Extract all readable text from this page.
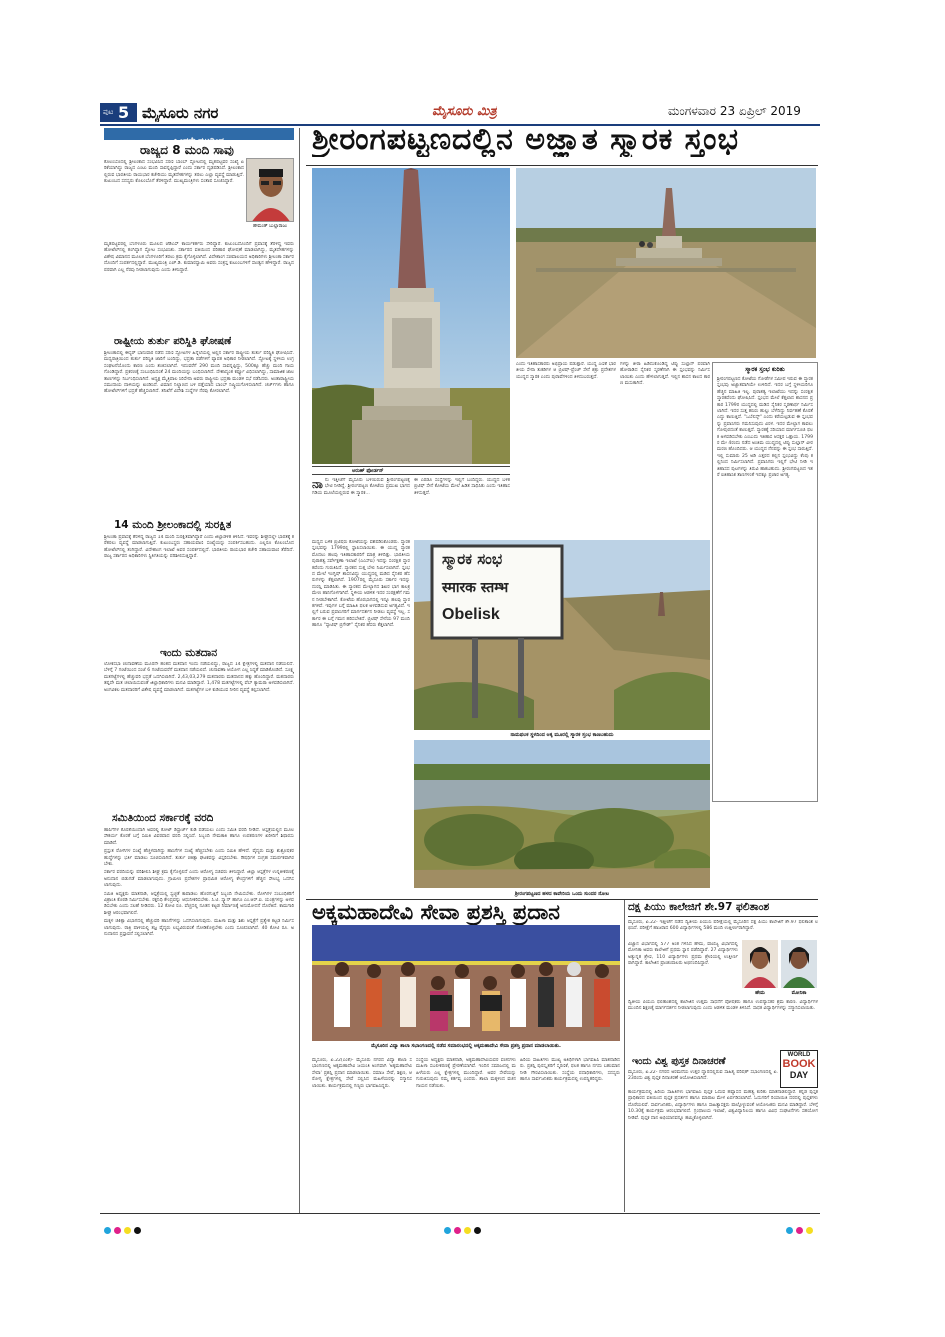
ಪುಟ 5 ಮೈಸೂರು ನಗರ	ಮೈಸೂರು ಮಿತ್ರ	ಮಂಗಳವಾರ 23 ಏಪ್ರಿಲ್ 2019
ಒಂದನೇ ಪುಟದಿಂದ
ರಾಜ್ಯದ 8 ಮಂದಿ ಸಾವು
ಕೊಲಂಬೊದಲ್ಲಿ ಶ್ರೀಲಂಕಾದ ಸಂಭವಿಸಿದ ಸರಣಿ ಬಾಂಬ್ ಸ್ಫೋಟದಲ್ಲಿ ಮೃತಪಟ್ಟವರ ಸಂಖ್ಯೆ ಏರಿಕೆಯಾಗಿದ್ದು ರಾಜ್ಯದ ಎಂಟು ಮಂದಿ ಸಾವನ್ನಪ್ಪಿದ್ದಾರೆ ಎಂದು ಸರ್ಕಾರ ದೃಢಪಡಿಸಿದೆ. ಶ್ರೀಲಂಕಾದಲ್ಲಿರುವ ಭಾರತೀಯ ರಾಯಭಾರ ಕಚೇರಿಯು ಮೃತದೇಹಗಳನ್ನು ತರಲು ಎಲ್ಲಾ ವ್ಯವಸ್ಥೆ ಮಾಡುತ್ತಿದೆ. ಕುಟುಂಬದ ಸದಸ್ಯರು ಕೊಲಂಬೊಗೆ ತೆರಳಿದ್ದಾರೆ. ಮುಖ್ಯಮಂತ್ರಿಗಳು ಸಂತಾಪ ಸೂಚಿಸಿದ್ದಾರೆ.
ಹೇಮಂತ್ ಬುಲ್ಲಾರಾಜು
ಮೃತಪಟ್ಟವರಲ್ಲಿ ಬೆಂಗಳೂರು ಮೂಲದ ಜೆಡಿಎಸ್ ಕಾರ್ಯಕರ್ತರು ಸೇರಿದ್ದಾರೆ. ಕುಟುಂಬದೊಂದಿಗೆ ಪ್ರವಾಸಕ್ಕೆ ತೆರಳಿದ್ದ ಇವರು ಹೋಟೆಲ್‌ನಲ್ಲಿ ತಂಗಿದ್ದಾಗ ಸ್ಫೋಟ ಸಂಭವಿಸಿತು. ಸರ್ಕಾರದ ವತಿಯಿಂದ ಪರಿಹಾರ ಘೋಷಣೆ ಮಾಡಲಾಗಿದ್ದು, ಮೃತದೇಹಗಳನ್ನು ವಿಶೇಷ ವಿಮಾನದ ಮೂಲಕ ಬೆಂಗಳೂರಿಗೆ ತರಲು ಕ್ರಮ ಕೈಗೊಳ್ಳಲಾಗಿದೆ. ವಿದೇಶಾಂಗ ಸಚಿವಾಲಯದ ಅಧಿಕಾರಿಗಳು ಶ್ರೀಲಂಕಾ ಸರ್ಕಾರದೊಂದಿಗೆ ಸಂಪರ್ಕದಲ್ಲಿದ್ದಾರೆ. ಮುಖ್ಯಮಂತ್ರಿ ಎಚ್.ಡಿ. ಕುಮಾರಸ್ವಾಮಿ ಅವರು ಸಂತ್ರಸ್ತ ಕುಟುಂಬಗಳಿಗೆ ಸಾಂತ್ವನ ಹೇಳಿದ್ದಾರೆ. ರಾಜ್ಯದ ಪರವಾಗಿ ಎಲ್ಲ ನೆರವು ನೀಡಲಾಗುವುದು ಎಂದು ತಿಳಿಸಿದ್ದಾರೆ.
ರಾಷ್ಟ್ರೀಯ ತುರ್ತು ಪರಿಸ್ಥಿತಿ ಘೋಷಣೆ
ಶ್ರೀಲಂಕಾದಲ್ಲಿ ಈಸ್ಟರ್ ಭಾನುವಾರ ನಡೆದ ಸರಣಿ ಸ್ಫೋಟಗಳ ಹಿನ್ನೆಲೆಯಲ್ಲಿ ಅಲ್ಲಿನ ಸರ್ಕಾರ ರಾಷ್ಟ್ರೀಯ ತುರ್ತು ಪರಿಸ್ಥಿತಿ ಘೋಷಿಸಿದೆ. ಮಧ್ಯರಾತ್ರಿಯಿಂದ ತುರ್ತು ಪರಿಸ್ಥಿತಿ ಜಾರಿಗೆ ಬಂದಿದ್ದು, ಭದ್ರತಾ ಪಡೆಗಳಿಗೆ ವ್ಯಾಪಕ ಅಧಿಕಾರ ನೀಡಲಾಗಿದೆ. ಸ್ಫೋಟಕ್ಕೆ ಸ್ಥಳೀಯ ಉಗ್ರ ಸಂಘಟನೆಯೊಂದು ಕಾರಣ ಎಂದು ಶಂಕಿಸಲಾಗಿದೆ. ಇದುವರೆಗೆ 290 ಮಂದಿ ಸಾವನ್ನಪ್ಪಿದ್ದು, 500ಕ್ಕೂ ಹೆಚ್ಚು ಮಂದಿ ಗಾಯಗೊಂಡಿದ್ದಾರೆ. ಪ್ರಕರಣಕ್ಕೆ ಸಂಬಂಧಿಸಿದಂತೆ 24 ಮಂದಿಯನ್ನು ಬಂಧಿಸಲಾಗಿದೆ. ದೇಶಾದ್ಯಂತ ಕರ್ಫ್ಯೂ ವಿಧಿಸಲಾಗಿದ್ದು, ಸಾಮಾಜಿಕ ಜಾಲತಾಣಗಳನ್ನು ನಿರ್ಬಂಧಿಸಲಾಗಿದೆ. ಅಧ್ಯಕ್ಷ ಮೈತ್ರಿಪಾಲ ಸಿರಿಸೇನಾ ಅವರು ರಾಷ್ಟ್ರೀಯ ಭದ್ರತಾ ಮಂಡಳಿ ಸಭೆ ನಡೆಸಿದರು. ಅಂತಾರಾಷ್ಟ್ರೀಯ ಸಮುದಾಯ ದಾಳಿಯನ್ನು ಖಂಡಿಸಿದೆ. ವಿಮಾನ ನಿಲ್ದಾಣದ ಬಳಿ ಪತ್ತೆಯಾದ ಬಾಂಬ್ ನಿಷ್ಕ್ರಿಯಗೊಳಿಸಲಾಗಿದೆ. ಚರ್ಚ್‌ಗಳು ಹಾಗೂ ಹೋಟೆಲ್‌ಗಳಿಗೆ ಭದ್ರತೆ ಹೆಚ್ಚಿಸಲಾಗಿದೆ. ತನಿಖೆಗೆ ವಿದೇಶಿ ಸಂಸ್ಥೆಗಳ ನೆರವು ಕೋರಲಾಗಿದೆ.
14 ಮಂದಿ ಶ್ರೀಲಂಕಾದಲ್ಲಿ ಸುರಕ್ಷಿತ
ಶ್ರೀಲಂಕಾ ಪ್ರವಾಸಕ್ಕೆ ತೆರಳಿದ್ದ ರಾಜ್ಯದ 14 ಮಂದಿ ಸುರಕ್ಷಿತವಾಗಿದ್ದಾರೆ ಎಂದು ಜಿಲ್ಲಾಡಳಿತ ತಿಳಿಸಿದೆ. ಇವರನ್ನು ಶೀಘ್ರದಲ್ಲೇ ಭಾರತಕ್ಕೆ ಕರೆತರಲು ವ್ಯವಸ್ಥೆ ಮಾಡಲಾಗುತ್ತಿದೆ. ಕುಟುಂಬಸ್ಥರು ಸಹಾಯವಾಣಿ ಸಂಖ್ಯೆಯನ್ನು ಸಂಪರ್ಕಿಸಬಹುದು. ಎಲ್ಲರೂ ಕೊಲಂಬೊದ ಹೋಟೆಲ್‌ನಲ್ಲಿ ತಂಗಿದ್ದಾರೆ. ವಿದೇಶಾಂಗ ಇಲಾಖೆ ಅವರ ಸಂಪರ್ಕದಲ್ಲಿದೆ. ಭಾರತೀಯ ರಾಯಭಾರ ಕಚೇರಿ ಸಹಾಯವಾಣಿ ತೆರೆದಿದೆ. ರಾಜ್ಯ ಸರ್ಕಾರದ ಅಧಿಕಾರಿಗಳು ಸ್ಥಿತಿಗತಿಯನ್ನು ಪರಿಶೀಲಿಸುತ್ತಿದ್ದಾರೆ.
ಇಂದು ಮತದಾನ
ಲೋಕಸಭಾ ಚುನಾವಣೆಯ ಮೂರನೇ ಹಂತದ ಮತದಾನ ಇಂದು ನಡೆಯಲಿದ್ದು, ರಾಜ್ಯದ 14 ಕ್ಷೇತ್ರಗಳಲ್ಲಿ ಮತದಾನ ನಡೆಯಲಿದೆ. ಬೆಳಿಗ್ಗೆ 7 ಗಂಟೆಯಿಂದ ಸಂಜೆ 6 ಗಂಟೆಯವರೆಗೆ ಮತದಾನ ನಡೆಯಲಿದೆ. ಚುನಾವಣಾ ಆಯೋಗ ಎಲ್ಲ ಸಿದ್ಧತೆ ಮಾಡಿಕೊಂಡಿದೆ. ಸೂಕ್ಷ್ಮ ಮತಗಟ್ಟೆಗಳಲ್ಲಿ ಹೆಚ್ಚುವರಿ ಭದ್ರತೆ ಒದಗಿಸಲಾಗಿದೆ. 2,43,03,279 ಮತದಾರರು ಮತದಾನದ ಹಕ್ಕು ಹೊಂದಿದ್ದಾರೆ. ಮತದಾರರು ತಪ್ಪದೇ ಮತ ಚಲಾಯಿಸುವಂತೆ ಜಿಲ್ಲಾಧಿಕಾರಿಗಳು ಮನವಿ ಮಾಡಿದ್ದಾರೆ. 1,478 ಮತಗಟ್ಟೆಗಳಲ್ಲಿ ವೆಬ್ ಕ್ಯಾಮರಾ ಅಳವಡಿಸಲಾಗಿದೆ. ಅಂಗವಿಕಲ ಮತದಾರರಿಗೆ ವಿಶೇಷ ವ್ಯವಸ್ಥೆ ಮಾಡಲಾಗಿದೆ. ಮತಗಟ್ಟೆಗಳ ಬಳಿ ಕುಡಿಯುವ ನೀರಿನ ವ್ಯವಸ್ಥೆ ಕಲ್ಪಿಸಲಾಗಿದೆ.
ಸಮಿತಿಯಿಂದ ಸರ್ಕಾರಕ್ಕೆ ವರದಿ

ಹಾಸಿಗೆಗಳ ಕೊರತೆಯಿಂದಾಗಿ ಅವರಲ್ಲಿ ಕೋಟ್ ಡಿಸ್ಚಾರ್ಜ್ ಕುಡಿ ಪಡೆಯಲು ಎಂದು ಸಮಿತಿ ವರದಿ ನೀಡಿದೆ. ಆಸ್ಪತ್ರೆಯಲ್ಲಿನ ಮೂಲಸೌಕರ್ಯ ಕೊರತೆ ಬಗ್ಗೆ ಸಮಿತಿ ವಿವರವಾದ ವರದಿ ಸಲ್ಲಿಸಿದೆ. ಸಿಬ್ಬಂದಿ ನೇಮಕಾತಿ ಹಾಗೂ ಉಪಕರಣಗಳ ಖರೀದಿಗೆ ಶಿಫಾರಸು ಮಾಡಿದೆ.

ಪ್ರಸ್ತುತ ರೋಗಿಗಳ ಸಂಖ್ಯೆ ಹೆಚ್ಚಳವಾಗಿದ್ದು ಹಾಸಿಗೆಗಳ ಸಂಖ್ಯೆ ಹೆಚ್ಚಿಸಬೇಕು ಎಂದು ಸಮಿತಿ ಹೇಳಿದೆ. ವೈದ್ಯರು ಮತ್ತು ಶುಶ್ರೂಷಕರ ಹುದ್ದೆಗಳನ್ನು ಭರ್ತಿ ಮಾಡಲು ಸೂಚಿಸಲಾಗಿದೆ. ತುರ್ತು ಚಿಕಿತ್ಸಾ ಘಟಕವನ್ನು ವಿಸ್ತರಿಸಬೇಕು. ಔಷಧಿಗಳ ಸಂಗ್ರಹ ಸಮರ್ಪಕವಾಗಿರಬೇಕು.

ಸರ್ಕಾರ ವರದಿಯನ್ನು ಪರಿಶೀಲಿಸಿ ಶೀಘ್ರ ಕ್ರಮ ಕೈಗೊಳ್ಳಲಿದೆ ಎಂದು ಆರೋಗ್ಯ ಸಚಿವರು ತಿಳಿಸಿದ್ದಾರೆ. ಜಿಲ್ಲಾ ಆಸ್ಪತ್ರೆಗಳ ಉನ್ನತೀಕರಣಕ್ಕೆ ಅನುದಾನ ಬಿಡುಗಡೆ ಮಾಡಲಾಗುವುದು. ಗ್ರಾಮೀಣ ಪ್ರದೇಶಗಳ ಪ್ರಾಥಮಿಕ ಆರೋಗ್ಯ ಕೇಂದ್ರಗಳಿಗೆ ಹೆಚ್ಚಿನ ಸೌಲಭ್ಯ ಒದಗಿಸಲಾಗುವುದು.

ಸಮಿತಿ ಅಧ್ಯಕ್ಷರು ಮಾತನಾಡಿ, ಆಸ್ಪತ್ರೆಯಲ್ಲಿ ಸ್ವಚ್ಛತೆ ಕಾಪಾಡಲು ಹೊರಗುತ್ತಿಗೆ ಸಿಬ್ಬಂದಿ ನೇಮಿಸಬೇಕು. ರೋಗಿಗಳ ಸಂಬಂಧಿಕರಿಗೆ ವಿಶ್ರಾಂತಿ ಕೊಠಡಿ ನಿರ್ಮಿಸಬೇಕು. ರಕ್ತನಿಧಿ ಕೇಂದ್ರವನ್ನು ಆಧುನೀಕರಿಸಬೇಕು. ಸಿ.ಟಿ. ಸ್ಕ್ಯಾನ್ ಹಾಗೂ ಎಂ.ಆರ್.ಐ. ಯಂತ್ರಗಳನ್ನು ಅಳವಡಿಸಬೇಕು ಎಂದು ಸಲಹೆ ನೀಡಿದರು. 12 ಕೋಟಿ ರೂ. ವೆಚ್ಚದಲ್ಲಿ ನೂತನ ಕಟ್ಟಡ ನಿರ್ಮಾಣಕ್ಕೆ ಅನುಮೋದನೆ ದೊರೆತಿದೆ. ಕಾಮಗಾರಿ ಶೀಘ್ರ ಆರಂಭವಾಗಲಿದೆ.

ಮಕ್ಕಳ ಚಿಕಿತ್ಸಾ ವಿಭಾಗದಲ್ಲಿ ಹೆಚ್ಚುವರಿ ಹಾಸಿಗೆಗಳನ್ನು ಒದಗಿಸಲಾಗುವುದು. ಮಹಿಳಾ ಮತ್ತು ಶಿಶು ಆಸ್ಪತ್ರೆಗೆ ಪ್ರತ್ಯೇಕ ಕಟ್ಟಡ ನಿರ್ಮಿಸಲಾಗುವುದು. ರಾತ್ರಿ ಪಾಳಿಯಲ್ಲಿ ತಜ್ಞ ವೈದ್ಯರು ಲಭ್ಯವಿರುವಂತೆ ನೋಡಿಕೊಳ್ಳಬೇಕು ಎಂದು ಸೂಚಿಸಲಾಗಿದೆ. 40 ಕೋಟಿ ರೂ. ಅನುದಾನದ ಪ್ರಸ್ತಾವನೆ ಸಲ್ಲಿಸಲಾಗಿದೆ.

ಶ್ರೀರಂಗಪಟ್ಟಣದಲ್ಲಿನ ಅಜ್ಞಾತ ಸ್ಮಾರಕ ಸ್ತಂಭ
ಎಂದು ಇತಿಹಾಸಕಾರರು ಅಭಿಪ್ರಾಯ ಪಡುತ್ತಾರೆ. ಯುದ್ಧ ಎಣಿಕೆ ಭಾರತೀಯ ಸೇನಾ ತುಕಡಿಗಳ ಆ ಬ್ರಿಟಿಷ್-ಫ್ರೆಂಚ್ ಸೇನೆ ಶತ್ರು ಪ್ರದೇಶಗಳ ಯುದ್ಧದ ಸ್ಮಾರಕ ಎಂದು ಪುರಾವೆಗಳಿಂದ ತಿಳಿದುಬರುತ್ತದೆ.
ಗಳನ್ನು ತೀರಾ ಹಿಡಿದುಕೊಂಡಿದ್ದ ಟಿಪ್ಪು ಸುಲ್ತಾನ್ ಪರವಾಗಿ ಹೋರಾಡಿದ ಸೈನಿಕರ ಸ್ಮರಣೆಗಾಗಿ ಈ ಸ್ತಂಭವನ್ನು ನಿರ್ಮಿಸಲಾಯಿತು ಎಂದು ಹೇಳಲಾಗುತ್ತದೆ. ಇಲ್ಲಿನ ಶಾಸನ ಕಾಲದ ಕಾರಣ ಮಸುಕಾಗಿದೆ.
ಸ್ಮಾರಕ ಸ್ತಂಭ ಕುರಿತು
ಶ್ರೀರಂಗಪಟ್ಟಣದ ಕೋಟೆಯ ಗೋಡೆಗಳ ಸಮೀಪ ಇರುವ ಈ ಸ್ಮಾರಕ ಸ್ತಂಭವು ಅಜ್ಞಾತವಾಗಿಯೇ ಉಳಿದಿದೆ. ಇದರ ಬಗ್ಗೆ ಸ್ಥಳೀಯರಿಗೂ ಹೆಚ್ಚಿನ ಮಾಹಿತಿ ಇಲ್ಲ. ಪುರಾತತ್ವ ಇಲಾಖೆಯು ಇದನ್ನು ಸಂರಕ್ಷಿತ ಸ್ಮಾರಕವೆಂದು ಘೋಷಿಸಿದೆ. ಸ್ತಂಭದ ಮೇಲೆ ಕೆತ್ತಲಾದ ಶಾಸನದ ಪ್ರಕಾರ 1799ರ ಯುದ್ಧದಲ್ಲಿ ಮಡಿದ ಸೈನಿಕರ ಸ್ಮರಣಾರ್ಥ ನಿರ್ಮಿಸಲಾಗಿದೆ. ಇದರ ಸುತ್ತ ಹಸಿರು ಹುಲ್ಲು ಬೆಳೆದಿದ್ದು ನಿರ್ವಹಣೆ ಕೊರತೆ ಎದ್ದು ಕಾಣುತ್ತಿದೆ. "ಒಬೆಲಿಸ್ಕ್" ಎಂದು ಕರೆಯಲ್ಪಡುವ ಈ ಸ್ತಂಭವನ್ನು ಪ್ರವಾಸಿಗರು ಗಮನಿಸುವುದು ವಿರಳ. ಇದರ ಮೇಲ್ಭಾಗ ಕಾವಲು ಗೋಪುರದಂತೆ ಕಾಣುತ್ತದೆ. ಸ್ಮಾರಕಕ್ಕೆ ಸರಿಯಾದ ಮಾರ್ಗಸೂಚಿ ಫಲಕ ಅಳವಡಿಸಬೇಕು ಎಂಬುದು ಇತಿಹಾಸ ಆಸಕ್ತರ ಒತ್ತಾಯ. 1799ರ ಮೇ 4ರಂದು ನಡೆದ ಅಂತಿಮ ಯುದ್ಧದಲ್ಲಿ ಟಿಪ್ಪು ಸುಲ್ತಾನ್ ವೀರಮರಣ ಹೊಂದಿದರು. ಆ ಯುದ್ಧದ ನೆನಪನ್ನು ಈ ಸ್ತಂಭ ಸಾರುತ್ತಿದೆ. ಇಲ್ಲಿ ಸುಮಾರು 25 ಅಡಿ ಎತ್ತರದ ಕಲ್ಲಿನ ಸ್ತಂಭವಿದ್ದು ಕೆಂಪು ಕಲ್ಲಿನಿಂದ ನಿರ್ಮಿಸಲಾಗಿದೆ. ಪ್ರವಾಸಿಗರು ಇಲ್ಲಿಗೆ ಭೇಟಿ ನೀಡಿ ಇತಿಹಾಸದ ಪುಟಗಳನ್ನು ತಿರುವಿ ಹಾಕಬಹುದು. ಶ್ರೀರಂಗಪಟ್ಟಣದ ಇತರೆ ಐತಿಹಾಸಿಕ ತಾಣಗಳಂತೆ ಇದಕ್ಕೂ ಪ್ರಚಾರ ಅಗತ್ಯ.
ಅರುಣ್ ಫೋರ್ಡನ್
ನಾನು ಇತ್ತೀಚೆಗೆ ಮೈಸೂರು ಬಳಿಯಿರುವ ಶ್ರೀರಂಗಪಟ್ಟಣಕ್ಕೆ ಭೇಟಿ ನೀಡಿದ್ದೆ. ಶ್ರೀರಂಗಪಟ್ಟಣ ಕೋಟೆಯ ಪ್ರಮುಖ ಭಾಗದ ಗಡಿಯ ಮೂಲೆಯಲ್ಲಿರುವ ಈ ಸ್ಮಾರಕ...
ಈ ಎರಡೂ ಸಂಸ್ಥೆಗಳನ್ನು ಇಲ್ಲಿಗೆ ಬಂದಿದ್ದರು. ಯುದ್ಧದ ಬಳಿಕ ಬ್ರಿಟಿಷ್ ಸೇನೆ ಕೋಟೆಯ ಮೇಲೆ ಹಿಡಿತ ಸಾಧಿಸಿತು ಎಂದು ಇತಿಹಾಸ ತಿಳಿಸುತ್ತದೆ.
ಸ್ಮಾರಕ ಸಂಭ
स्मारक स्तम्भ
Obelisk
ನಾಮಫಲಕ ಸ್ಥಳದಿಂದ ಅಕ್ಕ ಮೂರಲ್ಲಿ ಸ್ಮಾರಕ ಸ್ತಂಭ ಕಾಣಬಹುದು
ಮಧ್ಯದ ಬಳಿಕ ಬ್ರಿಟಿಷರು ಕೋಟೆಯನ್ನು ವಶಪಡಿಸಿಕೊಂಡರು. ಸ್ಮಾರಕ ಸ್ತಂಭವನ್ನು 1799ರಲ್ಲಿ ಸ್ಥಾಪಿಸಲಾಯಿತು. ಈ ಯುದ್ಧ ಸ್ಮಾರಕ ಮೊದಲು ಹಲವು ಇತಿಹಾಸಕಾರರಿಗೆ ಮಾತ್ರ ತಿಳಿದಿತ್ತು. ಭಾರತೀಯ ಪುರಾತತ್ವ ಸರ್ವೇಕ್ಷಣಾ ಇಲಾಖೆ (ಎಎಸ್‌ಐ) ಇದನ್ನು ಸಂರಕ್ಷಿತ ಸ್ಮಾರಕವೆಂದು ಗುರುತಿಸಿದೆ. ಸ್ಮಾರಕದ ಸುತ್ತ ಬೇಲಿ ನಿರ್ಮಿಸಲಾಗಿದೆ. ಸ್ತಂಭದ ಮೇಲೆ ಇಂಗ್ಲಿಷ್ ಶಾಸನವಿದ್ದು ಯುದ್ಧದಲ್ಲಿ ಮಡಿದ ಸೈನಿಕರ ಹೆಸರುಗಳನ್ನು ಕೆತ್ತಲಾಗಿದೆ. 1907ರಲ್ಲಿ ಮೈಸೂರು ಸರ್ಕಾರ ಇದನ್ನು ದುರಸ್ತಿ ಮಾಡಿಸಿತು. ಈ ಸ್ಮಾರಕದ ಮೇಲ್ಭಾಗದ ಶಿಖರ ಭಾಗ ಕಾಲಕ್ರಮೇಣ ಹಾನಿಗೊಳಗಾಗಿದೆ. ಸ್ಥಳೀಯ ಆಡಳಿತ ಇದರ ಸಂರಕ್ಷಣೆಗೆ ಗಮನ ನೀಡಬೇಕಾಗಿದೆ. ಕೋಟೆಯ ಹೊರಭಾಗದಲ್ಲಿ ಇನ್ನೂ ಹಲವು ಸ್ಮಾರಕಗಳಿವೆ. ಇವುಗಳ ಬಗ್ಗೆ ಮಾಹಿತಿ ಫಲಕ ಅಳವಡಿಸುವ ಅಗತ್ಯವಿದೆ. ಇಲ್ಲಿಗೆ ಬರುವ ಪ್ರವಾಸಿಗರಿಗೆ ಮಾರ್ಗದರ್ಶನ ನೀಡಲು ವ್ಯವಸ್ಥೆ ಇಲ್ಲ. ಸರ್ಕಾರ ಈ ಬಗ್ಗೆ ಗಮನ ಹರಿಸಬೇಕಿದೆ. ಬ್ರಿಟಿಷ್ ಸೇನೆಯ 97 ಮಂದಿ ಹಾಗೂ "ಸ್ಕಾಟಿಷ್ ಬ್ರಿಗೇಡ್" ಸೈನಿಕರ ಹೆಸರು ಕೆತ್ತಲಾಗಿದೆ.
ಶ್ರೀರಂಗಪಟ್ಟಣದ ಹಳದ ಕಾವೇರಿಯ ಒಂದು ಸುಂದರ ನೋಟ
ಅಕ್ಕಮಹಾದೇವಿ ಸೇವಾ ಪ್ರಶಸ್ತಿ ಪ್ರದಾನ
ಮೈಸೂರಿನ ವಿದ್ಯಾ ಶಾಲಾ ಸಭಾಂಗಣದಲ್ಲಿ ನಡೆದ ಸಮಾರಂಭದಲ್ಲಿ ಅಕ್ಕಮಹಾದೇವಿ ಸೇವಾ ಪ್ರಶಸ್ತಿ ಪ್ರದಾನ ಮಾಡಲಾಯಿತು.
ಮೈಸೂರು, ಏ.22(ಎಂಕೆ)- ಮೈಸೂರು ನಗರದ ವಿದ್ಯಾ ಶಾಲಾ ಸಭಾಂಗಣದಲ್ಲಿ ಅಕ್ಕಮಹಾದೇವಿ ಜಯಂತಿ ಅಂಗವಾಗಿ 'ಅಕ್ಕಮಹಾದೇವಿ ಸೇವಾ' ಪ್ರಶಸ್ತಿ ಪ್ರದಾನ ಮಾಡಲಾಯಿತು. ಸಮಾಜ ಸೇವೆ, ಶಿಕ್ಷಣ, ಆರೋಗ್ಯ ಕ್ಷೇತ್ರಗಳಲ್ಲಿ ಸೇವೆ ಸಲ್ಲಿಸಿದ ಮಹಿಳೆಯರನ್ನು ಸನ್ಮಾನಿಸಲಾಯಿತು. ಕಾರ್ಯಕ್ರಮದಲ್ಲಿ ಗಣ್ಯರು ಭಾಗವಹಿಸಿದ್ದರು.
ಸಂಸ್ಥೆಯ ಅಧ್ಯಕ್ಷರು ಮಾತನಾಡಿ, ಅಕ್ಕಮಹಾದೇವಿಯವರ ವಚನಗಳು ಮಹಿಳಾ ಸಬಲೀಕರಣಕ್ಕೆ ಪ್ರೇರಣೆಯಾಗಿವೆ. ಇಂದಿನ ಸಮಾಜದಲ್ಲಿ ಮಹಿಳೆಯರು ಎಲ್ಲ ಕ್ಷೇತ್ರಗಳಲ್ಲಿ ಮುಂದಿದ್ದಾರೆ. ಅವರ ಸೇವೆಯನ್ನು ಗುರುತಿಸುವುದು ನಮ್ಮ ಕರ್ತವ್ಯ ಎಂದರು. ಶಾಲಾ ಮಕ್ಕಳಿಂದ ವಚನ ಗಾಯನ ನಡೆಯಿತು.
ಹಿರಿಯ ಸಾಹಿತಿಗಳು ಮುಖ್ಯ ಅತಿಥಿಗಳಾಗಿ ಭಾಗವಹಿಸಿ ಮಾತನಾಡಿದರು. ಪ್ರಶಸ್ತಿ ಪುರಸ್ಕೃತರಿಗೆ ಸ್ಮರಣಿಕೆ, ಫಲಕ ಹಾಗೂ ನಗದು ಬಹುಮಾನ ನೀಡಿ ಗೌರವಿಸಲಾಯಿತು. ಸಂಸ್ಥೆಯ ಪದಾಧಿಕಾರಿಗಳು, ಸದಸ್ಯರು ಹಾಗೂ ಸಾರ್ವಜನಿಕರು ಕಾರ್ಯಕ್ರಮದಲ್ಲಿ ಉಪಸ್ಥಿತರಿದ್ದರು.
ದಕ್ಷ ಪಿಯು ಕಾಲೇಜಿಗೆ ಶೇ.97 ಫಲಿತಾಂಶ
ಮೈಸೂರು, ಏ.22- ಇತ್ತೀಚೆಗೆ ನಡೆದ ದ್ವಿತೀಯ ಪಿಯುಸಿ ಪರೀಕ್ಷೆಯಲ್ಲಿ ಮೈಸೂರಿನ ದಕ್ಷ ಪಿಯು ಕಾಲೇಜಿಗೆ ಶೇ.97 ಫಲಿತಾಂಶ ಲಭಿಸಿದೆ. ಪರೀಕ್ಷೆಗೆ ಹಾಜರಾದ 600 ವಿದ್ಯಾರ್ಥಿಗಳಲ್ಲಿ 586 ಮಂದಿ ಉತ್ತೀರ್ಣರಾಗಿದ್ದಾರೆ.
ವಿಜ್ಞಾನ ವಿಭಾಗದಲ್ಲಿ 577 ಅಂಕ ಗಳಿಸಿದ ಹೇಮ, ವಾಣಿಜ್ಯ ವಿಭಾಗದಲ್ಲಿ ಮೋನಿಕಾ ಅವರು ಕಾಲೇಜಿಗೆ ಪ್ರಥಮ ಸ್ಥಾನ ಪಡೆದಿದ್ದಾರೆ. 27 ವಿದ್ಯಾರ್ಥಿಗಳು ಅತ್ಯುನ್ನತ ಶ್ರೇಣಿ, 110 ವಿದ್ಯಾರ್ಥಿಗಳು ಪ್ರಥಮ ಶ್ರೇಣಿಯಲ್ಲಿ ಉತ್ತೀರ್ಣರಾಗಿದ್ದಾರೆ. ಕಾಲೇಜಿನ ಪ್ರಾಂಶುಪಾಲರು ಅಭಿನಂದಿಸಿದ್ದಾರೆ.
ಹೇಮ	ಮೋನಿಕಾ
ದ್ವಿತೀಯ ಪಿಯುಸಿ ಫಲಿತಾಂಶದಲ್ಲಿ ಕಾಲೇಜಿನ ಉತ್ತಮ ಸಾಧನೆಗೆ ಪೋಷಕರು ಹಾಗೂ ಉಪನ್ಯಾಸಕರ ಶ್ರಮ ಕಾರಣ. ವಿದ್ಯಾರ್ಥಿಗಳ ಮುಂದಿನ ಶಿಕ್ಷಣಕ್ಕೆ ಮಾರ್ಗದರ್ಶನ ನೀಡಲಾಗುವುದು ಎಂದು ಆಡಳಿತ ಮಂಡಳಿ ತಿಳಿಸಿದೆ. ಸಾಧಕ ವಿದ್ಯಾರ್ಥಿಗಳನ್ನು ಸನ್ಮಾನಿಸಲಾಯಿತು.
ಇಂದು ವಿಶ್ವ ಪುಸ್ತಕ ದಿನಾಚರಣೆ
WORLD
BOOK
DAY
ಮೈಸೂರು, ಏ.22- ನಗರದ ಅರಮನೆಯ ಉತ್ತರ ದ್ವಾರದಲ್ಲಿರುವ ಸಾಹಿತ್ಯ ಪರಿಷತ್ ಸಭಾಂಗಣದಲ್ಲಿ ಏ.23ರಂದು ವಿಶ್ವ ಪುಸ್ತಕ ದಿನಾಚರಣೆ ಆಯೋಜಿಸಲಾಗಿದೆ.
ಕಾರ್ಯಕ್ರಮದಲ್ಲಿ ಹಿರಿಯ ಸಾಹಿತಿಗಳು ಭಾಗವಹಿಸಿ ಪುಸ್ತಕ ಓದುವ ಹವ್ಯಾಸದ ಮಹತ್ವ ಕುರಿತು ಮಾತನಾಡಲಿದ್ದಾರೆ. ಕನ್ನಡ ಪುಸ್ತಕ ಪ್ರಾಧಿಕಾರದ ವತಿಯಿಂದ ಪುಸ್ತಕ ಪ್ರದರ್ಶನ ಹಾಗೂ ಮಾರಾಟ ಮೇಳ ಏರ್ಪಡಿಸಲಾಗಿದೆ. ಓದುಗರಿಗೆ ರಿಯಾಯಿತಿ ದರದಲ್ಲಿ ಪುಸ್ತಕಗಳು ದೊರೆಯಲಿವೆ. ಸಾರ್ವಜನಿಕರು, ವಿದ್ಯಾರ್ಥಿಗಳು ಹಾಗೂ ಸಾಹಿತ್ಯಾಸಕ್ತರು ಪಾಲ್ಗೊಳ್ಳುವಂತೆ ಆಯೋಜಕರು ಮನವಿ ಮಾಡಿದ್ದಾರೆ. ಬೆಳಿಗ್ಗೆ 10.30ಕ್ಕೆ ಕಾರ್ಯಕ್ರಮ ಆರಂಭವಾಗಲಿದೆ. ಗ್ರಂಥಾಲಯ ಇಲಾಖೆ, ವಿಶ್ವವಿದ್ಯಾನಿಲಯ ಹಾಗೂ ವಿವಿಧ ಸಂಘಟನೆಗಳು ಸಹಯೋಗ ನೀಡಿವೆ. ಪುಸ್ತಕ ದಾನ ಅಭಿಯಾನವನ್ನೂ ಹಮ್ಮಿಕೊಳ್ಳಲಾಗಿದೆ.
